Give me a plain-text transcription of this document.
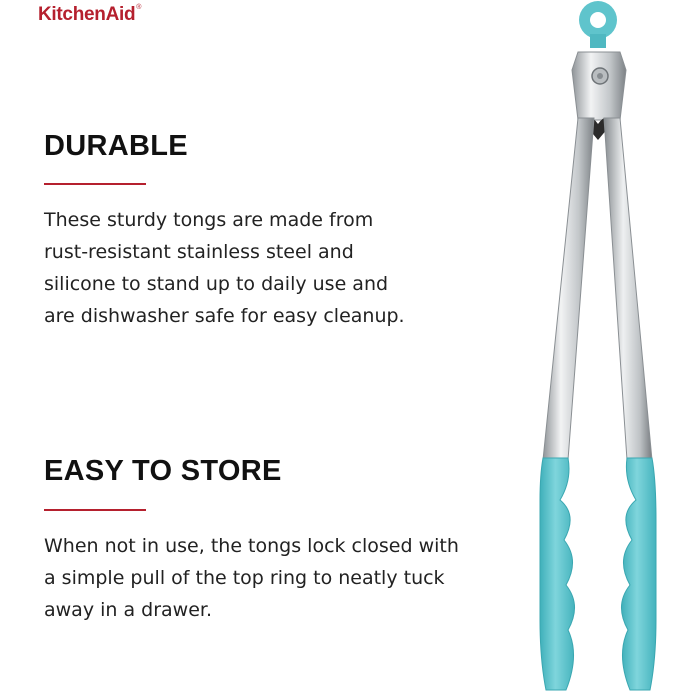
KitchenAid®
DURABLE

These sturdy tongs are made from
rust-resistant stainless steel and
silicone to stand up to daily use and
are dishwasher safe for easy cleanup.

EASY TO STORE

When not in use, the tongs lock closed with
a simple pull of the top ring to neatly tuck
away in a drawer.
